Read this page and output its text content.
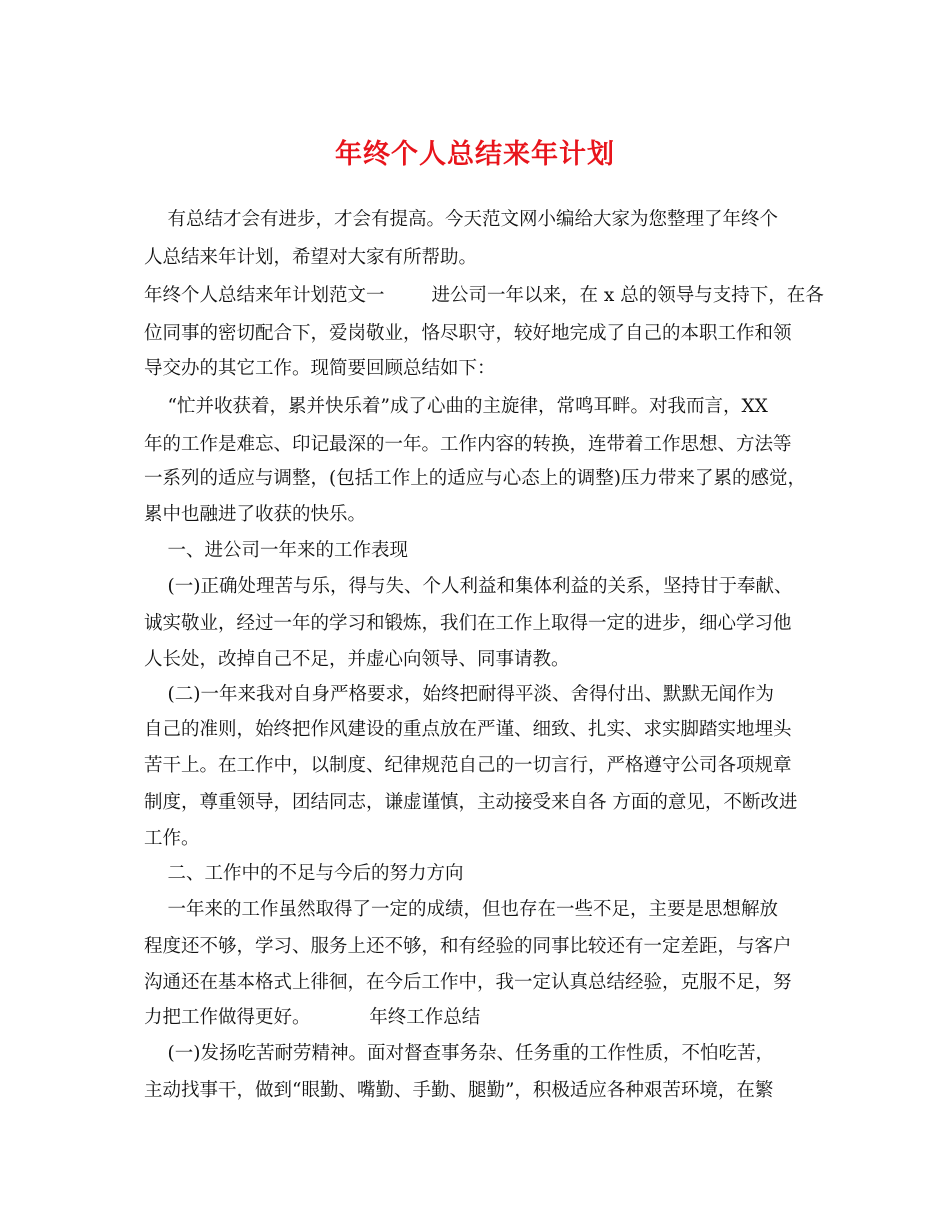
年终个人总结来年计划
有总结才会有进步，才会有提高。今天范文网小编给大家为您整理了年终个
人总结来年计划，希望对大家有所帮助。
年终个人总结来年计划范文一        进公司一年以来，在 x 总的领导与支持下，在各
位同事的密切配合下，爱岗敬业，恪尽职守，较好地完成了自己的本职工作和领
导交办的其它工作。现简要回顾总结如下：
“忙并收获着，累并快乐着”成了心曲的主旋律，常鸣耳畔。对我而言，XX
年的工作是难忘、印记最深的一年。工作内容的转换，连带着工作思想、方法等
一系列的适应与调整，(包括工作上的适应与心态上的调整)压力带来了累的感觉，
累中也融进了收获的快乐。
一、进公司一年来的工作表现
(一)正确处理苦与乐，得与失、个人利益和集体利益的关系，坚持甘于奉献、
诚实敬业，经过一年的学习和锻炼，我们在工作上取得一定的进步，细心学习他
人长处，改掉自己不足，并虚心向领导、同事请教。
(二)一年来我对自身严格要求，始终把耐得平淡、舍得付出、默默无闻作为
自己的准则，始终把作风建设的重点放在严谨、细致、扎实、求实脚踏实地埋头
苦干上。在工作中，以制度、纪律规范自己的一切言行，严格遵守公司各项规章
制度，尊重领导，团结同志，谦虚谨慎，主动接受来自各 方面的意见，不断改进
工作。
二、工作中的不足与今后的努力方向
一年来的工作虽然取得了一定的成绩，但也存在一些不足，主要是思想解放
程度还不够，学习、服务上还不够，和有经验的同事比较还有一定差距，与客户
沟通还在基本格式上徘徊，在今后工作中，我一定认真总结经验，克服不足，努
力把工作做得更好。          年终工作总结
(一)发扬吃苦耐劳精神。面对督查事务杂、任务重的工作性质，不怕吃苦，
主动找事干，做到“眼勤、嘴勤、手勤、腿勤”，积极适应各种艰苦环境，在繁
